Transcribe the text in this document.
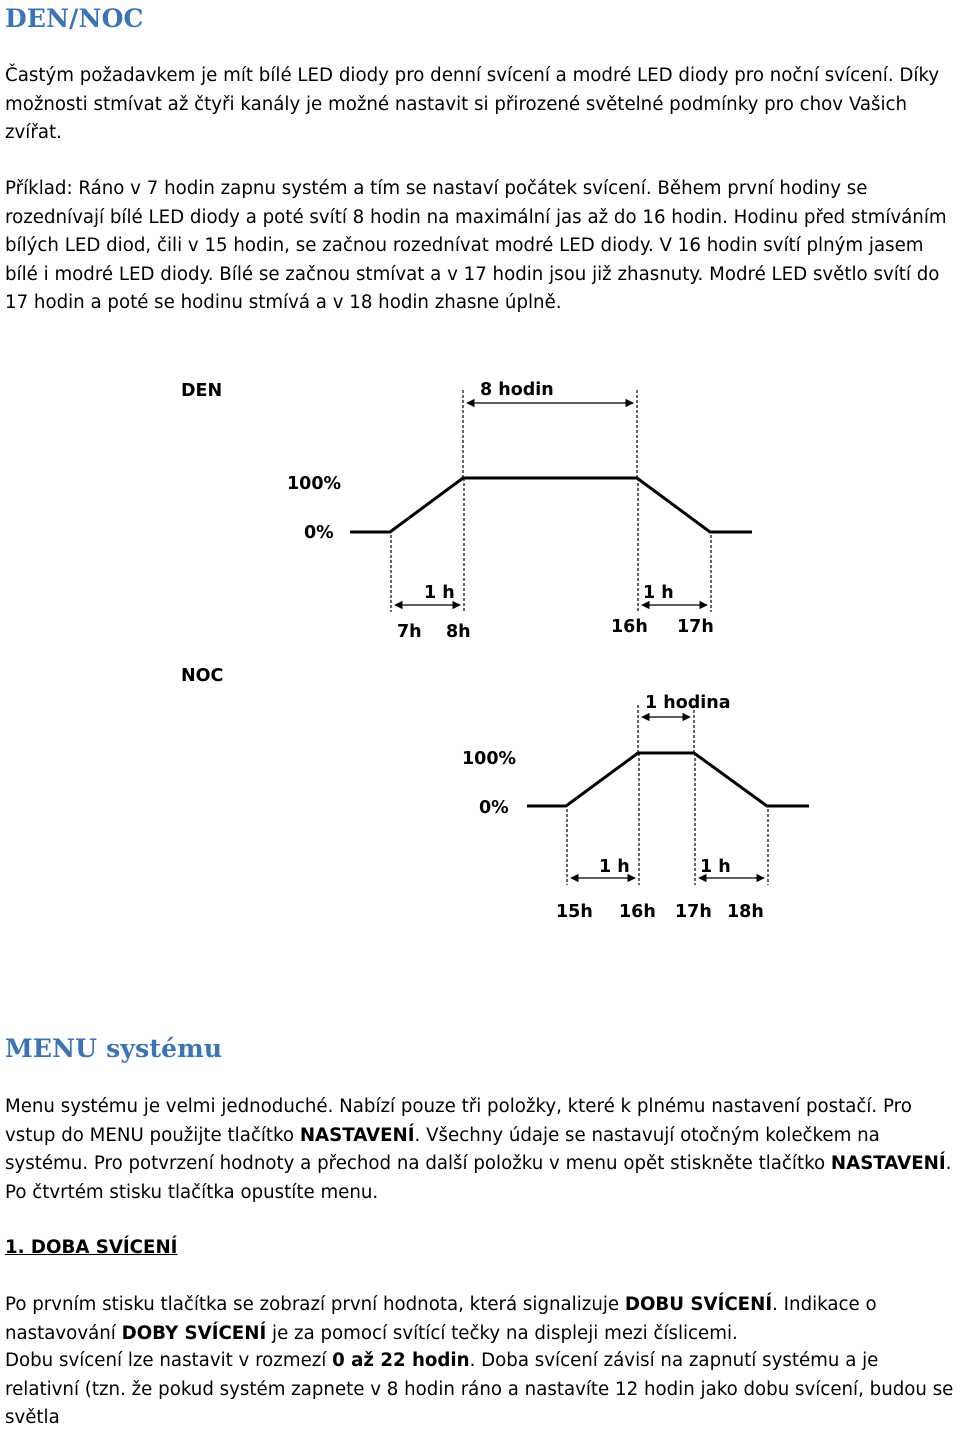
DEN/NOC

Častým požadavkem je mít bílé LED diody pro denní svícení a modré LED diody pro noční svícení. Díky možnosti stmívat až čtyři kanály je možné nastavit si přirozené světelné podmínky pro chov Vašich zvířat.

Příklad: Ráno v 7 hodin zapnu systém a tím se nastaví počátek svícení. Během první hodiny se rozednívají bílé LED diody a poté svítí 8 hodin na maximální jas až do 16 hodin. Hodinu před stmíváním bílých LED diod, čili v 15 hodin, se začnou rozednívat modré LED diody. V 16 hodin svítí plným jasem bílé i modré LED diody. Bílé se začnou stmívat a v 17 hodin jsou již zhasnuty. Modré LED světlo svítí do 17 hodin a poté se hodinu stmívá a v 18 hodin zhasne úplně.

DEN	8 hodin
100%
0%
1 h	1 h
7h 8h	16h 17h
NOC
1 hodina
100%
0%
1 h	1 h
15h 16h 17h 18h
MENU systému

Menu systému je velmi jednoduché. Nabízí pouze tři položky, které k plnému nastavení postačí. Pro vstup do MENU použijte tlačítko NASTAVENÍ. Všechny údaje se nastavují otočným kolečkem na systému. Pro potvrzení hodnoty a přechod na další položku v menu opět stiskněte tlačítko NASTAVENÍ. Po čtvrtém stisku tlačítka opustíte menu.

1. DOBA SVÍCENÍ

Po prvním stisku tlačítka se zobrazí první hodnota, která signalizuje DOBU SVÍCENÍ. Indikace o nastavování DOBY SVÍCENÍ je za pomocí svítící tečky na displeji mezi číslicemi.

Dobu svícení lze nastavit v rozmezí 0 až 22 hodin. Doba svícení závisí na zapnutí systému a je relativní (tzn. že pokud systém zapnete v 8 hodin ráno a nastavíte 12 hodin jako dobu svícení, budou se světla
